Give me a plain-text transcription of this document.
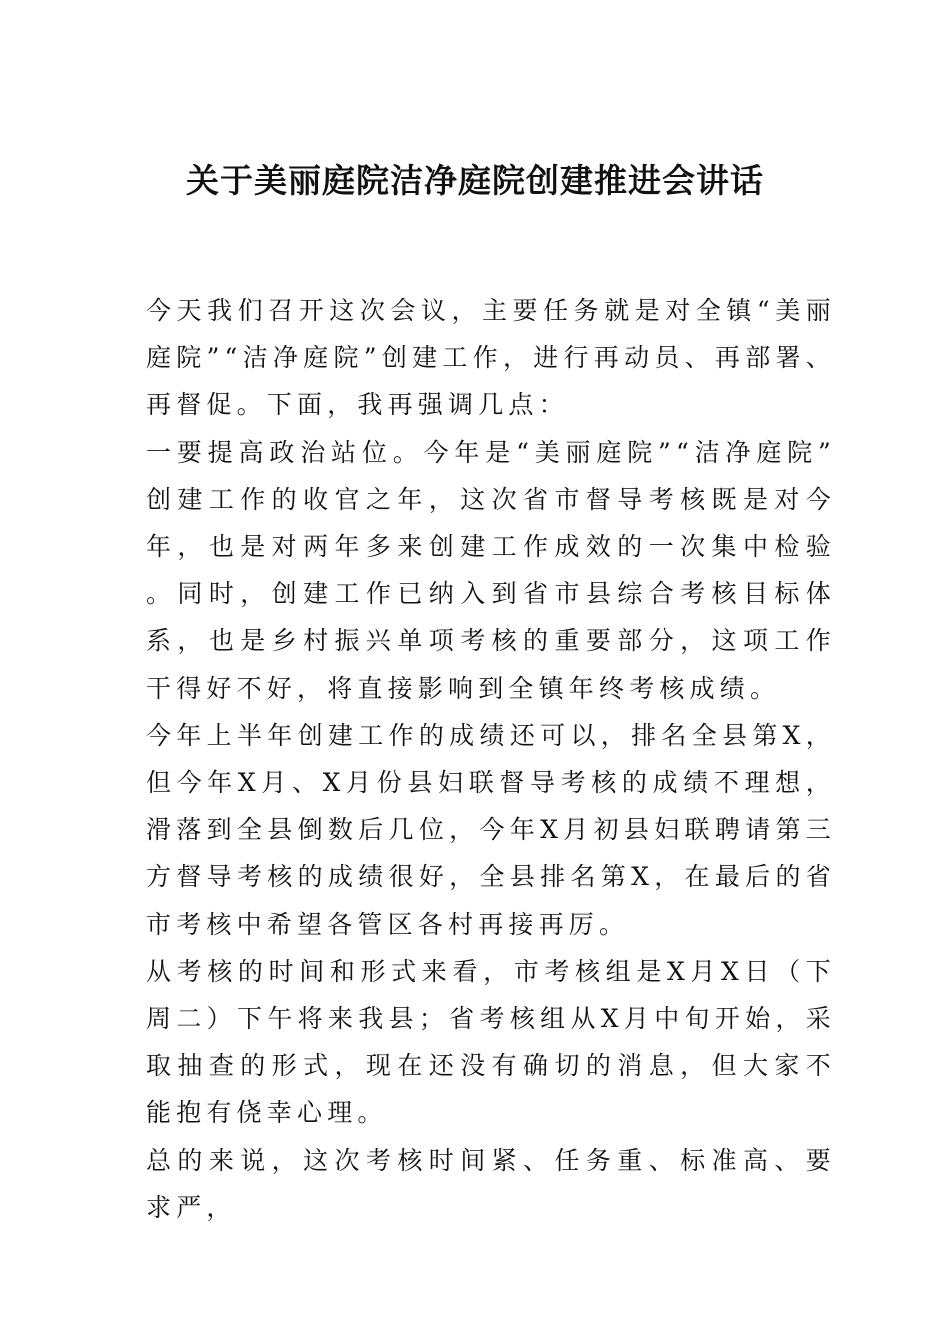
关于美丽庭院洁净庭院创建推进会讲话

今天我们召开这次会议，主要任务就是对全镇“美丽庭院”“洁净庭院”创建工作，进行再动员、再部署、再督促。下面，我再强调几点：

一要提高政治站位。今年是“美丽庭院”“洁净庭院”创建工作的收官之年，这次省市督导考核既是对今年，也是对两年多来创建工作成效的一次集中检验。同时，创建工作已纳入到省市县综合考核目标体系，也是乡村振兴单项考核的重要部分，这项工作干得好不好，将直接影响到全镇年终考核成绩。

今年上半年创建工作的成绩还可以，排名全县第X，但今年X月、X月份县妇联督导考核的成绩不理想，滑落到全县倒数后几位，今年X月初县妇联聘请第三方督导考核的成绩很好，全县排名第X，在最后的省市考核中希望各管区各村再接再厉。

从考核的时间和形式来看，市考核组是X月X日（下周二）下午将来我县；省考核组从X月中旬开始，采取抽查的形式，现在还没有确切的消息，但大家不能抱有侥幸心理。

总的来说，这次考核时间紧、任务重、标准高、要求严，
